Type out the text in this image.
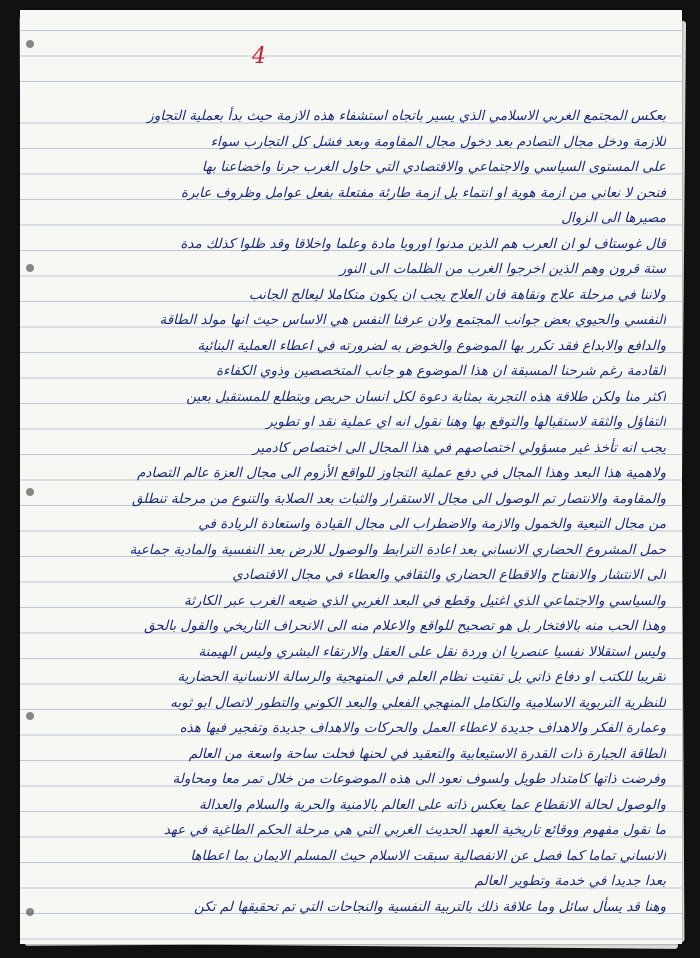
4
بعكس المجتمع الغربي الاسلامي الذي يسير باتجاه استشفاء هذه الازمة حيث بدأ بعملية التجاوز
للازمة ودخل مجال التصادم بعد دخول مجال المقاومة وبعد فشل كل التجارب سواء
على المستوى السياسي والاجتماعي والاقتصادي التي حاول الغرب جرنا واخضاعنا بها
فنحن لا نعاني من ازمة هوية او انتماء بل ازمة طارئة مفتعلة بفعل عوامل وظروف عابرة
مصيرها الى الزوال
قال غوستاف لو ان العرب هم الذين مدنوا اوروبا مادة وعلما واخلاقا وقد ظلوا كذلك مدة
ستة قرون وهم الذين اخرجوا الغرب من الظلمات الى النور
ولاننا في مرحلة علاج ونقاهة فان العلاج يجب ان يكون متكاملا ليعالج الجانب
النفسي والحيوي بعض جوانب المجتمع ولان عرفنا النفس هي الاساس حيث انها مولد الطاقة
والدافع والابداع فقد تكرر بها الموضوع والخوض به لضرورته في اعطاء العملية البنائية
القادمة رغم شرحنا المسبقة ان هذا الموضوع هو جانب المتخصصين وذوي الكفاءة
اكثر منا ولكن طلاقة هذه التجربة بمثابة دعوة لكل انسان حريص ويتطلع للمستقبل بعين
التفاؤل والثقة لاستقبالها والتوقع بها وهنا نقول انه اي عملية نقد او تطوير
يجب انه تأخذ غير مسؤولي اختصاصهم في هذا المجال الى اختصاص كادمير
ولاهمية هذا البعد وهذا المجال في دفع عملية التجاوز للواقع الأزوم الى مجال العزة عالم التصادم
والمقاومة والانتصار تم الوصول الى مجال الاستقرار والثبات بعد الصلابة والتنوع من مرحلة تنطلق
من مجال التبعية والخمول والازمة والاضطراب الى مجال القيادة واستعادة الريادة في
حمل المشروع الحضاري الانساني بعد اعادة الترابط والوصول للارض بعد النفسية والمادية جماعية
الى الانتشار والانفتاح والاقطاع الحضاري والثقافي والعطاء في مجال الاقتصادي
والسياسي والاجتماعي الذي اغتيل وقطع في البعد الغربي الذي ضيعه الغرب عبر الكارثة
وهذا الحب منه بالافتخار بل هو تصحيح للواقع والاعلام منه الى الانحراف التاريخي والقول بالحق
وليس استقلالا نفسيا عنصريا ان وردة نقل على العقل والارتقاء البشري وليس الهيمنة
تقريبا للكتب او دفاع ذاتي بل تفتيت نظام العلم في المنهجية والرسالة الانسانية الحضارية
للنظرية التربوية الاسلامية والتكامل المنهجي الفعلي والبعد الكوني والتطور لاتصال ابو ثوبه
وعمارة الفكر والاهداف جديدة لاعطاء العمل والحركات والاهداف جديدة وتفجير فيها هذه
الطاقة الجبارة ذات القدرة الاستيعابية والتعقيد في لحنها فحلت ساحة واسعة من العالم
وفرضت ذاتها كامتداد طويل ولسوف نعود الى هذه الموضوعات من خلال تمر معا ومحاولة
والوصول لحالة الانقطاع عما يعكس ذاته على العالم بالامنية والحرية والسلام والعدالة
ما نقول مفهوم ووقائع تاريخية العهد الحديث الغربي التي هي مرحلة الحكم الطاغية في عهد
الانساني تماما كما فصل عن الانفصالية سبقت الاسلام حيث المسلم الايمان بما اعطاها
بعدا جديدا في خدمة وتطوير العالم
وهنا قد يسأل سائل وما علاقة ذلك بالتربية النفسية والنجاحات التي تم تحقيقها لم تكن
